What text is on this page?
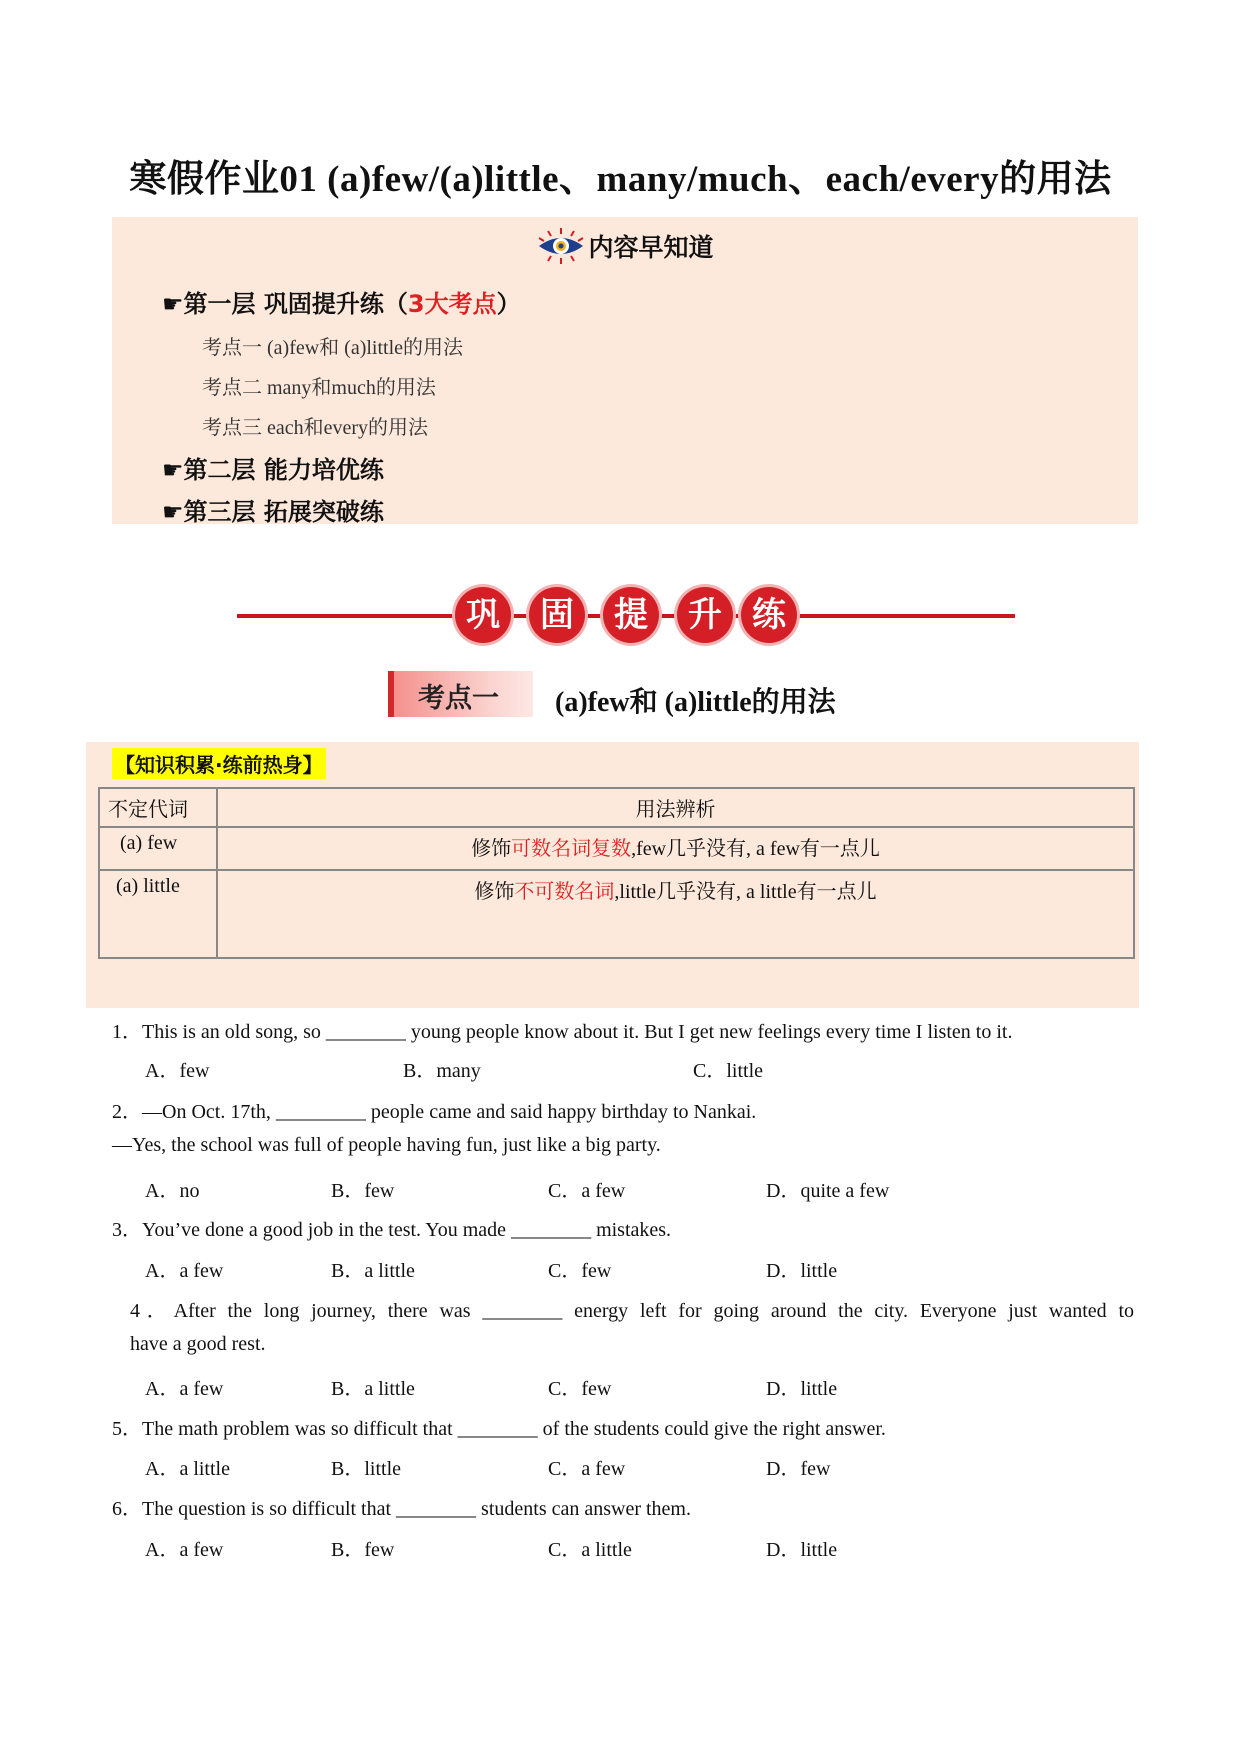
寒假作业01 (a)few/(a)little、many/much、each/every的用法
内容早知道
☛第一层 巩固提升练（3大考点）
考点一 (a)few和 (a)little的用法
考点二 many和much的用法
考点三 each和every的用法
☛第二层 能力培优练
☛第三层 拓展突破练
巩	固	提	升 练
考点一 (a)few和 (a)little的用法
【知识积累·练前热身】
不定代词	用法辨析
(a) few	修饰可数名词复数,few几乎没有, a few有一点儿
(a) little	修饰不可数名词,little几乎没有, a little有一点儿
1．This is an old song, so ________ young people know about it. But I get new feelings every time I listen to it.
A．few	B．many	C．little
2．—On Oct. 17th, _________ people came and said happy birthday to Nankai.
—Yes, the school was full of people having fun, just like a big party.
A．no	B．few	C．a few	D．quite a few
3．You’ve done a good job in the test. You made ________ mistakes.
A．a few	B．a little	C．few	D．little
4．After the long journey, there was ________ energy left for going around the city. Everyone just wanted to
have a good rest.
A．a few	B．a little	C．few	D．little
5．The math problem was so difficult that ________ of the students could give the right answer.
A．a little	B．little	C．a few	D．few
6．The question is so difficult that ________ students can answer them.
A．a few	B．few	C．a little	D．little
